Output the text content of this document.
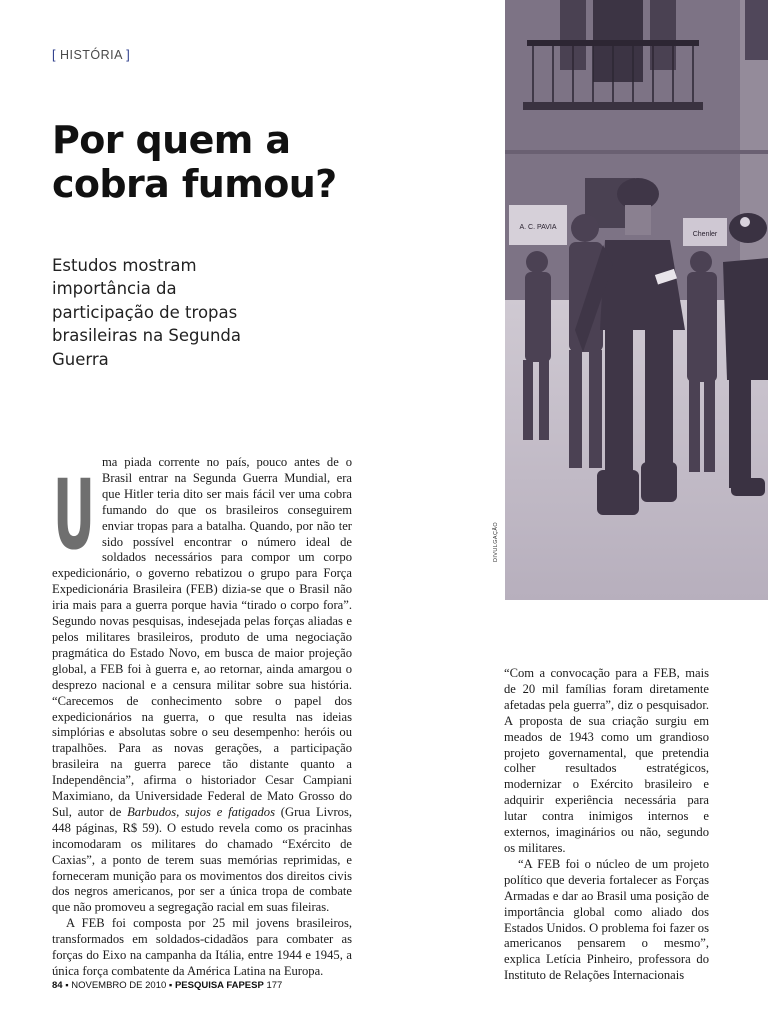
[ HISTÓRIA ]
Por quem a
cobra fumou?
Estudos mostram importância da participação de tropas brasileiras na Segunda Guerra

U ma piada corrente no país, pouco antes de o Brasil entrar na Segunda Guerra Mundial, era que Hitler teria dito ser mais fácil ver uma cobra fumando do que os brasileiros conseguirem enviar tropas para a batalha. Quando, por não ter sido possível encontrar o número ideal de soldados necessários para compor um corpo expedicionário, o governo rebatizou o grupo para Força Expedicionária Brasileira (FEB) dizia-se que o Brasil não iria mais para a guerra porque havia “tirado o corpo fora”. Segundo novas pesquisas, indesejada pelas forças aliadas e pelos militares brasileiros, produto de uma negociação pragmática do Estado Novo, em busca de maior projeção global, a FEB foi à guerra e, ao retornar, ainda amargou o desprezo nacional e a censura militar sobre sua história. “Carecemos de conhecimento sobre o papel dos expedicionários na guerra, o que resulta nas ideias simplórias e absolutas sobre o seu desempenho: heróis ou trapalhões. Para as novas gerações, a participação brasileira na guerra parece tão distante quanto a Independência”, afirma o historiador Cesar Campiani Maximiano, da Universidade Federal de Mato Grosso do Sul, autor de Barbudos, sujos e fatigados (Grua Livros, 448 páginas, R$ 59). O estudo revela como os pracinhas incomodaram os militares do chamado “Exército de Caxias”, a ponto de terem suas memórias reprimidas, e forneceram munição para os movimentos dos direitos civis dos negros americanos, por ser a única tropa de combate que não promoveu a segregação racial em suas fileiras.

A FEB foi composta por 25 mil jovens brasileiros, transformados em soldados-cidadãos para combater as forças do Eixo na campanha da Itália, entre 1944 e 1945, a única força combatente da América Latina na Europa.

A. C. PAVIA
Chenler
DIVULGAÇÃO

“Com a convocação para a FEB, mais de 20 mil famílias foram diretamente afetadas pela guerra”, diz o pesquisador. A proposta de sua criação surgiu em meados de 1943 como um grandioso projeto governamental, que pretendia colher resultados estratégicos, modernizar o Exército brasileiro e adquirir experiência necessária para lutar contra inimigos internos e externos, imaginários ou não, segundo os militares.

“A FEB foi o núcleo de um projeto político que deveria fortalecer as Forças Armadas e dar ao Brasil uma posição de importância global como aliado dos Estados Unidos. O problema foi fazer os americanos pensarem o mesmo”, explica Letícia Pinheiro, professora do Instituto de Relações Internacionais

84 ▪ NOVEMBRO DE 2010 ▪ PESQUISA FAPESP 177
